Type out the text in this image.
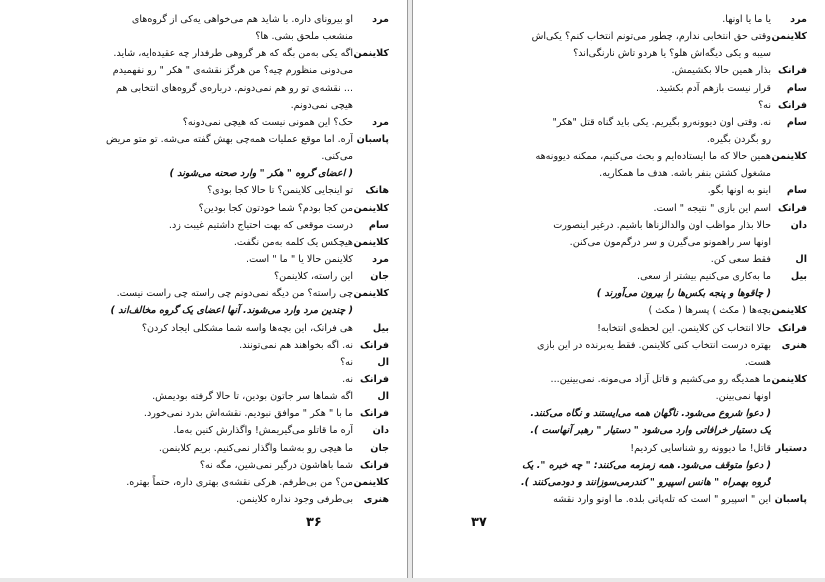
مرد
او بیرونای داره. با شاید هم می‌خواهی یه‌کی از گروه‌های
منشعب ملحق بشی. ها؟
کلاینمن
اگه یکی به‌من بگه که هر گروهی طرفدار چه عقیده‌ایه، شاید.
می‌دونی منظورم چیه؟ من هرگز نقشه‌ی " هکر " رو نفهمیدم
... نقشه‌ی تو رو هم نمی‌دونم. درباره‌ی گروه‌های انتخابی هم
هیچی نمی‌دونم.
مرد
حک؟ این همونی نیست که هیچی نمی‌دونه؟
پاسبان
آره. اما موقع عملیات همه‌چی بهش گفته می‌شه. تو متو مریض
می‌کنی.
( اعضای گروه " هکر " وارد صحنه می‌شوند )
هانک
تو اینجایی کلاینمن؟ تا حالا کجا بودی؟
کلاینمن
من کجا بودم؟ شما خودتون کجا بودین؟
سام
درست موقعی که بهت احتیاج داشتیم غیبت زد.
کلاینمن
هیچکس یک کلمه به‌من نگفت.
مرد
کلاینمن حالا یا " ما " است.
جان
این راسته، کلاینمن؟
کلاینمن
چی راسته؟ من دیگه نمی‌دونم چی راسته چی راست نیست.
( چندین مرد وارد می‌شوند. آنها اعضای یک گروه مخالف‌اند )
بیل
هی فرانک، این بچه‌ها واسه شما مشکلی ایجاد کردن؟
فرانک
نه. اگه بخواهند هم نمی‌تونند.
ال
نه؟
فرانک
نه.
ال
اگه شماها سر جاتون بودین، تا حالا گرفته بودیمش.
فرانک
ما با " هکر " موافق نبودیم. نقشه‌اش بدرد نمی‌خورد.
دان
آره ما قاتلو می‌گیریمش! واگذارش کنین به‌ما.
جان
ما هیچی رو به‌شما واگذار نمی‌کنیم. بریم کلاینمن.
فرانک
شما باهاشون درگیر نمی‌شین، مگه نه؟
کلاینمن
من؟ من بی‌طرفم. هرکی نقشه‌ی بهتری داره، حتماً بهتره.
هنری
بی‌طرفی وجود نداره کلاینمن.
۳۶
مرد
یا ما یا اونها.
کلاینمن
وقتی حق انتخابی ندارم، چطور می‌تونم انتخاب کنم؟ یکی‌اش
سیبه و یکی دیگه‌اش هلو؟ یا هردو تاش نارنگی‌اند؟
فرانک
بذار همین حالا بکشیمش.
سام
قرار نیست بازهم آدم بکشید.
فرانک
نه؟
سام
نه. وقتی اون دیوونه‌رو بگیریم. یکی باید گناه قتل "هکر"
رو بگردن بگیره.
کلاینمن
همین حالا که ما ایستاده‌ایم و بحث می‌کنیم، ممکنه دیوونه‌هه
مشغول کشتن بنفر باشه. هدف ما همکاریه.
سام
اینو به اونها بگو.
فرانک
اسم این بازی " نتیجه " است.
دان
حالا بذار مواظب اون والدالزناها باشیم. درغیر اینصورت
اونها سر راهمونو می‌گیرن و سر درگم‌مون می‌کنن.
ال
فقط سعی کن.
بیل
ما به‌کاری می‌کنیم بیشتر از سعی.
( چاقوها و پنجه بکس‌ها را بیرون می‌آورند )
کلاینمن
بچه‌ها ( مکث ) پسرها ( مکث )
فرانک
حالا انتخاب کن کلاینمن. این لحظه‌ی انتخابه!
هنری
بهتره درست انتخاب کنی کلاینمن. فقط یه‌برنده در این بازی
هست.
کلاینمن
ما همدیگه رو می‌کشیم و قاتل آزاد می‌مونه. نمی‌بینین...
اونها نمی‌بینن.
( دعوا شروع می‌شود. ناگهان همه می‌ایستند و نگاه می‌کنند.
یک دستیار خرافاتی وارد می‌شود " دستیار " رهبر آنهاست ).
دستیار
قاتل! ما دیوونه رو شناسایی کردیم!
( دعوا متوقف می‌شود. همه زمزمه می‌کنند: " چه خبره ". یک
گروه بهمراه " هانس اسپیرو " کندرمی‌سوزانند و دودمی‌کنند ).
پاسبان
این " اسپیرو " است که تله‌پاتی بلده. ما اونو وارد نقشه
۳۷
